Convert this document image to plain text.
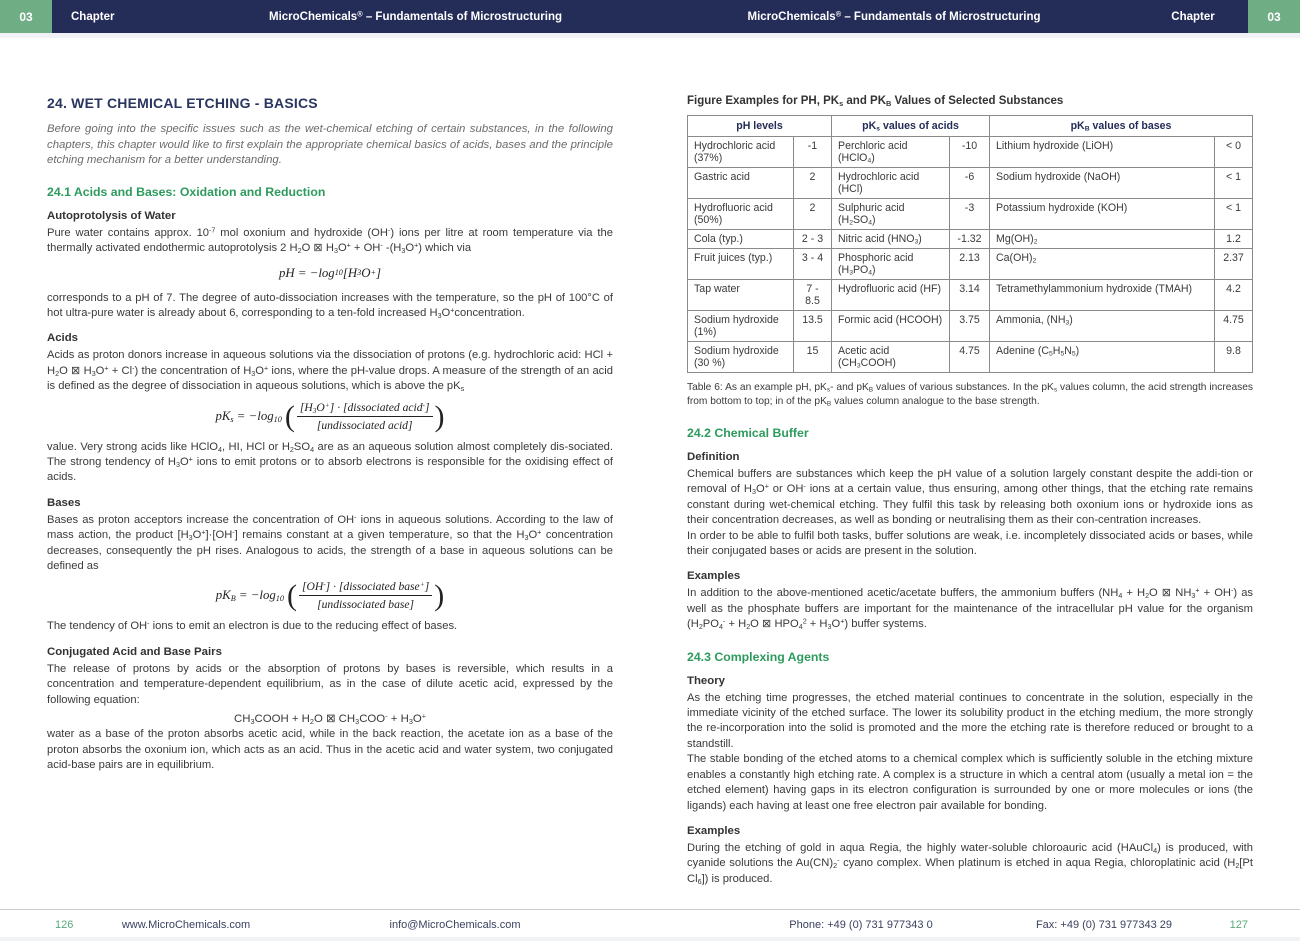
03	Chapter	MicroChemicals® – Fundamentals of Microstructuring	MicroChemicals® – Fundamentals of Microstructuring	Chapter	03
24. WET CHEMICAL ETCHING - BASICS
Before going into the specific issues such as the wet-chemical etching of certain substances, in the following chapters, this chapter would like to first explain the appropriate chemical basics of acids, bases and the principle etching mechanism for a better understanding.
24.1 Acids and Bases: Oxidation and Reduction
Autoprotolysis of Water

Pure water contains approx. $10^{-7}$ mol oxonium and hydroxide (OH-) ions per litre at room temperature via the thermally activated endothermic autoprotolysis 2 $H_2O$ ⊠ $H_3O^+ + OH^-$ $-(H_3O^+)$ which via

pH = −log 10 [H 3 O + ]

corresponds to a pH of 7. The degree of auto-dissociation increases with the temperature, so the pH of 100°C of hot ultra-pure water is already about 6, corresponding to a ten-fold increased $H_3O^+concentration$.

Acids

Acids as proton donors increase in aqueous solutions via the dissociation of protons (e.g. hydrochloric acid: HCl + $H_2O$ ⊠ $H_3O^+ + Cl^-$) the concentration of $H_3O^+$ ions, where the pH-value drops. A measure of the strength of an acid is defined as the degree of dissociation in aqueous solutions, which is above the $pK_s$

$pK_s = -\log_{10}$ ( $\frac{[H_3O^+] \cdot [dissociated acid^-]}{\text{[undissociated acid]}}$ )

value. Very strong acids like HClO$_4$, HI, HCl or $H_2SO_4$ are as an aqueous solution almost completely dis-sociated. The strong tendency of $H_3O^+$ ions to emit protons or to absorb electrons is responsible for the oxidising effect of acids.

Bases

Bases as proton acceptors increase the concentration of OH- ions in aqueous solutions. According to the law of mass action, the product $[H_3O^+]\cdot[OH^-]$ remains constant at a given temperature, so that the $H_3O^+$ concentration decreases, consequently the pH rises. Analogous to acids, the strength of a base in aqueous solutions can be defined as

$pK_B = -\log_{10}$ ( $\frac{[OH^-] \cdot [dissociated base^+]}{\text{[undissociated base]}}$ )

The tendency of OH- ions to emit an electron is due to the reducing effect of bases.

Conjugated Acid and Base Pairs

The release of protons by acids or the absorption of protons by bases is reversible, which results in a concentration and temperature-dependent equilibrium, as in the case of dilute acetic acid, expressed by the following equation:

$CH_3COOH + H_2O$ ⊠ $CH_3COO^- + H_3O^+$

water as a base of the proton absorbs acetic acid, while in the back reaction, the acetate ion as a base of the proton absorbs the oxonium ion, which acts as an acid. Thus in the acetic acid and water system, two conjugated acid-base pairs are in equilibrium.

Figure Examples for PH, $PK_s$ and $PK_B$ Values of Selected Substances
pH levels		$pK_s$ values of acids		$pK_B$ values of bases	
Hydrochloric acid (37%)	-1	Perchloric acid (HClO$_4$)	-10	Lithium hydroxide (LiOH)	< 0
Gastric acid	2	Hydrochloric acid (HCl)	-6	Sodium hydroxide (NaOH)	< 1
Hydrofluoric acid (50%)	2	Sulphuric acid $(H_2SO_4)$	-3	Potassium hydroxide (KOH)	< 1
Cola (typ.)	2 - 3	Nitric acid $(HNO_3)$	-1.32	$Mg(OH)_2$	1.2
Fruit juices (typ.)	3 - 4	Phosphoric acid $(H_3PO_4)$	2.13	$Ca(OH)_2$	2.37
Tap water	7 - 8.5	Hydrofluoric acid (HF)	3.14	Tetramethylammonium hydroxide (TMAH)	4.2
Sodium hydroxide (1%)	13.5	Formic acid (HCOOH)	3.75	Ammonia, $(NH_3)$	4.75
Sodium hydroxide (30 %)	15	Acetic acid $(CH_3COOH)$	4.75	Adenine $(C_5H_5N_5)$	9.8
Table 6: As an example pH, $pK_s-$ and $pK_B$ values of various substances. In the $pK_s$ values column, the acid strength increases from bottom to top; in of the $pK_B$ values column analogue to the base strength.
24.2 Chemical Buffer
Definition

Chemical buffers are substances which keep the pH value of a solution largely constant despite the addi-tion or removal of $H_3O^+$ or OH- ions at a certain value, thus ensuring, among other things, that the etching rate remains constant during wet-chemical etching. They fulfil this task by releasing both oxonium ions or hydroxide ions as their concentration decreases, as well as bonding or neutralising them as their con-centration increases.

In order to be able to fulfil both tasks, buffer solutions are weak, i.e. incompletely dissociated acids or bases, while their conjugated bases or acids are present in the solution.

Examples

In addition to the above-mentioned acetic/acetate buffers, the ammonium buffers ($NH_4 + H_2O$ ⊠ $NH_3^+ + OH^-$) as well as the phosphate buffers are important for the maintenance of the intracellular pH value for the organism ($H_2PO_4^- + H_2O$ ⊠ $HPO_4^2 + H_3O^+$) buffer systems.

24.3 Complexing Agents
Theory

As the etching time progresses, the etched material continues to concentrate in the solution, especially in the immediate vicinity of the etched surface. The lower its solubility product in the etching medium, the more strongly the re-incorporation into the solid is promoted and the more the etching rate is therefore reduced or brought to a standstill.

The stable bonding of the etched atoms to a chemical complex which is sufficiently soluble in the etching mixture enables a constantly high etching rate. A complex is a structure in which a central atom (usually a metal ion = the etched element) having gaps in its electron configuration is surrounded by one or more molecules or ions (the ligands) each having at least one free electron pair available for bonding.

Examples

During the etching of gold in aqua Regia, the highly water-soluble chloroauric acid (HAuCl$_4$) is produced, with cyanide solutions the $Au(CN)_2^-$ cyano complex. When platinum is etched in aqua Regia, chloroplatinic acid ($H_2[Pt$ $Cl_6$]) is produced.

126	www.MicroChemicals.com	info@MicroChemicals.com	Phone: +49 (0) 731 977343 0	Fax: +49 (0) 731 977343 29	127
